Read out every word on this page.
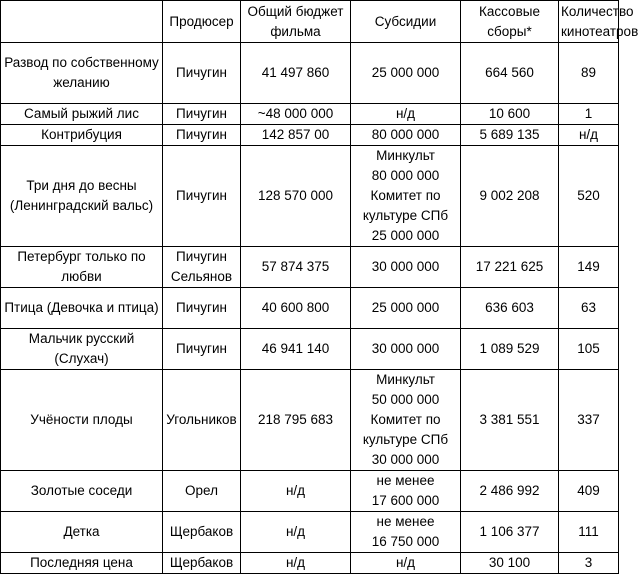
	Продюсер	Общий бюджет фильма	Субсидии	Кассовые сборы*	Количество кинотеатров
Развод по собственному желанию	Пичугин	41 497 860	25 000 000	664 560	89
Самый рыжий лис	Пичугин	~48 000 000	н/д	10 600	1
Контрибуция	Пичугин	142 857 00	80 000 000	5 689 135	н/д
Три дня до весны (Ленинградский вальс)	Пичугин	128 570 000	Минкульт
80 000 000
Комитет по
культуре СПб
25 000 000	9 002 208	520
Петербург только по любви	Пичугин Сельянов	57 874 375	30 000 000	17 221 625	149
Птица (Девочка и птица)	Пичугин	40 600 800	25 000 000	636 603	63
Мальчик русский (Слухач)	Пичугин	46 941 140	30 000 000	1 089 529	105
Учёности плоды	Угольников	218 795 683	Минкульт
50 000 000
Комитет по
культуре СПб
30 000 000	3 381 551	337
Золотые соседи	Орел	н/д	не менее
17 600 000	2 486 992	409
Детка	Щербаков	н/д	не менее
16 750 000	1 106 377	111
Последняя цена	Щербаков	н/д	н/д	30 100	3
